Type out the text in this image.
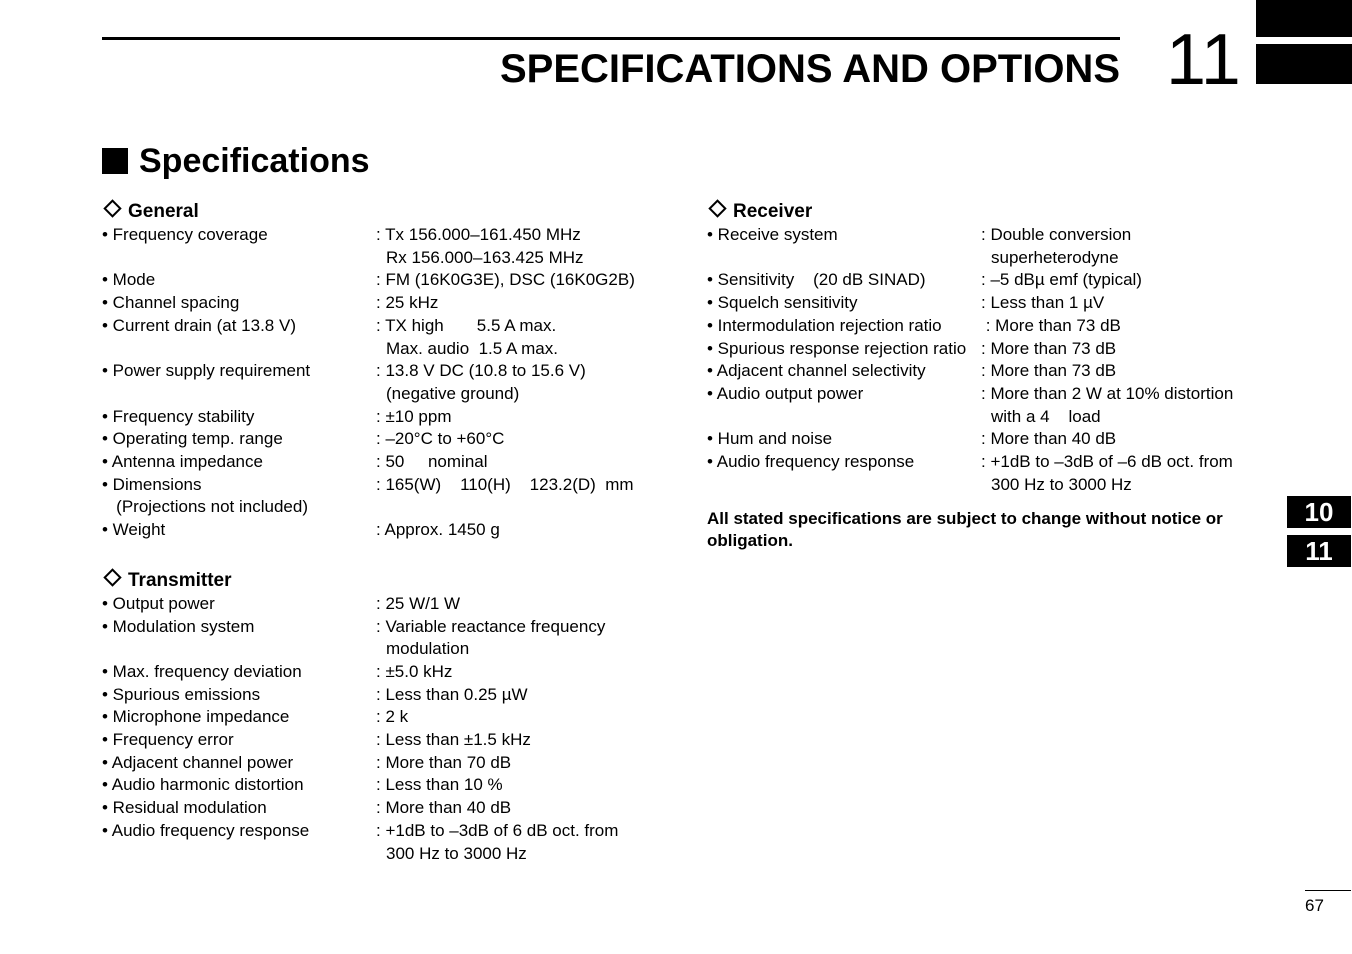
SPECIFICATIONS AND OPTIONS 11
Specifications
General
• Frequency coverage	: Tx 156.000–161.450 MHz
Rx 156.000–163.425 MHz
• Mode	: FM (16K0G3E), DSC (16K0G2B)
• Channel spacing	: 25 kHz
• Current drain (at 13.8 V)	: TX high       5.5 A max.
Max. audio  1.5 A max.
• Power supply requirement	: 13.8 V DC (10.8 to 15.6 V)
(negative ground)
• Frequency stability	: ±10 ppm
• Operating temp. range	: –20°C to +60°C
• Antenna impedance	: 50     nominal
• Dimensions	: 165(W)    110(H)    123.2(D)  mm
(Projections not included)
• Weight	: Approx. 1450 g
Transmitter
• Output power	: 25 W/1 W
• Modulation system	: Variable reactance frequency
modulation
• Max. frequency deviation	: ±5.0 kHz
• Spurious emissions	: Less than 0.25 µW
• Microphone impedance	: 2 k
• Frequency error	: Less than ±1.5 kHz
• Adjacent channel power	: More than 70 dB
• Audio harmonic distortion	: Less than 10 %
• Residual modulation	: More than 40 dB
• Audio frequency response	: +1dB to –3dB of 6 dB oct. from
300 Hz to 3000 Hz
Receiver
• Receive system	: Double conversion
superheterodyne
• Sensitivity    (20 dB SINAD)	: –5 dBµ emf (typical)
• Squelch sensitivity	: Less than 1 µV
• Intermodulation rejection ratio	: More than 73 dB
• Spurious response rejection ratio : More than 73 dB
• Adjacent channel selectivity	: More than 73 dB
• Audio output power	: More than 2 W at 10% distortion
with a 4    load
• Hum and noise	: More than 40 dB
• Audio frequency response	: +1dB to –3dB of –6 dB oct. from
300 Hz to 3000 Hz
All stated specifications are subject to change without notice or obligation.
10
11
67
